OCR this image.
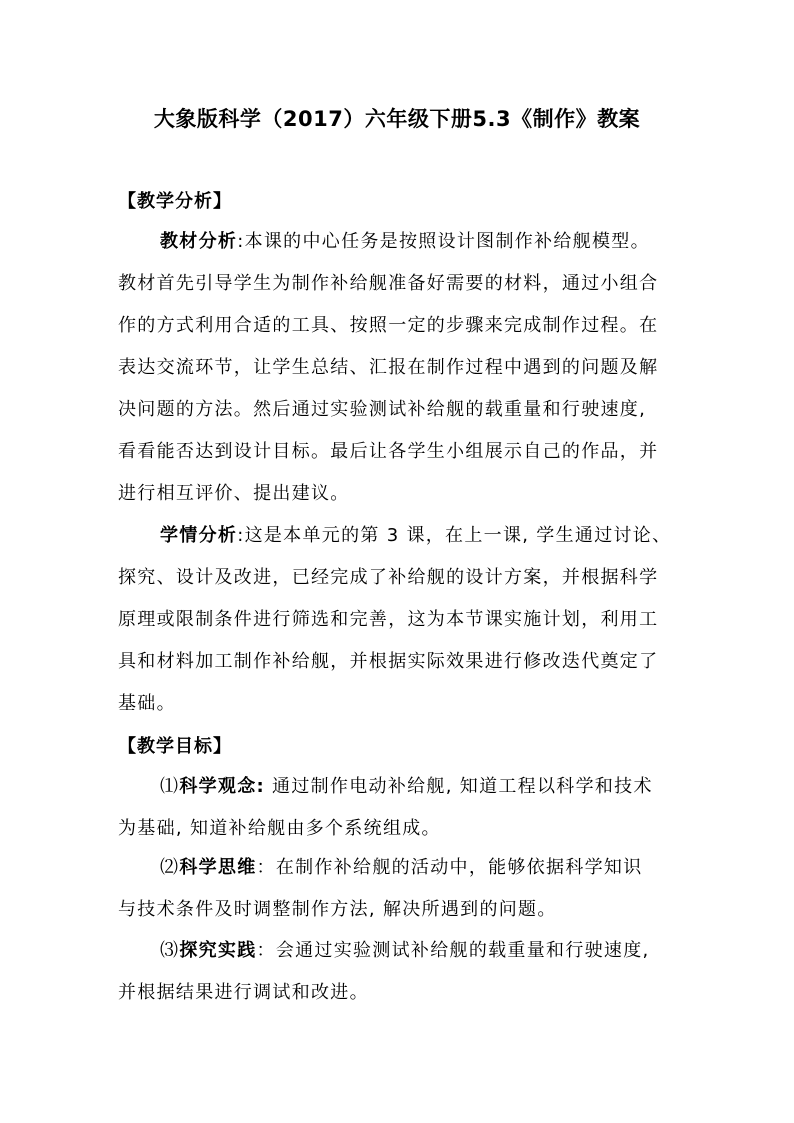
大象版科学（2017）六年级下册5.3《制作》教案
【教学分析】
教材分析:本课的中心任务是按照设计图制作补给舰模型。
教材首先引导学生为制作补给舰准备好需要的材料，通过小组合
作的方式利用合适的工具、按照一定的步骤来完成制作过程。在
表达交流环节，让学生总结、汇报在制作过程中遇到的问题及解
决问题的方法。然后通过实验测试补给舰的载重量和行驶速度,
看看能否达到设计目标。最后让各学生小组展示自己的作品，并
进行相互评价、提出建议。
学情分析:这是本单元的第 3 课，在上一课, 学生通过讨论、
探究、设计及改进，已经完成了补给舰的设计方案，并根据科学
原理或限制条件进行筛选和完善，这为本节课实施计划，利用工
具和材料加工制作补给舰，并根据实际效果进行修改迭代奠定了
基础。
【教学目标】
⑴科学观念: 通过制作电动补给舰, 知道工程以科学和技术
为基础, 知道补给舰由多个系统组成。
⑵科学思维：在制作补给舰的活动中，能够依据科学知识
与技术条件及时调整制作方法, 解决所遇到的问题。
⑶探究实践：会通过实验测试补给舰的载重量和行驶速度,
并根据结果进行调试和改进。
